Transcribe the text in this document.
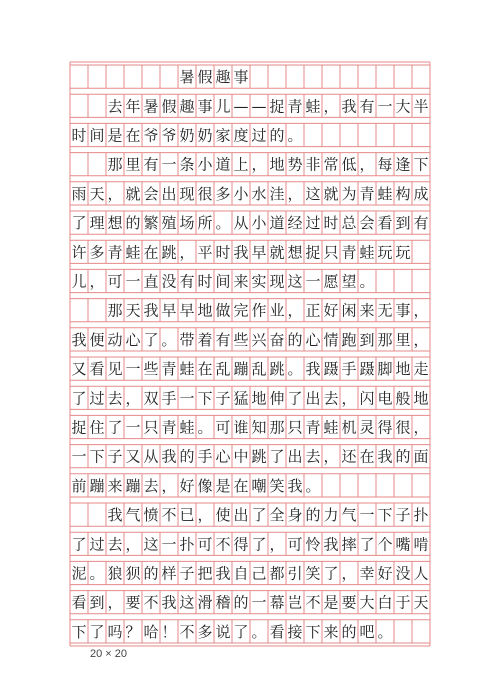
暑 假 趣 事
去 年 暑 假 趣 事 儿 — — 捉 青 蛙 ， 我 有 一 大 半
时 间 是 在 爷 爷 奶 奶 家 度 过 的 。
那 里 有 一 条 小 道 上 ， 地 势 非 常 低 ， 每 逢 下
雨 天 ， 就 会 出 现 很 多 小 水 洼 ， 这 就 为 青 蛙 构 成
了 理 想 的 繁 殖 场 所 。 从 小 道 经 过 时 总 会 看 到 有
许 多 青 蛙 在 跳 ， 平 时 我 早 就 想 捉 只 青 蛙 玩 玩
儿 ， 可 一 直 没 有 时 间 来 实 现 这 一 愿 望 。
那 天 我 早 早 地 做 完 作 业 ， 正 好 闲 来 无 事 ，
我 便 动 心 了 。 带 着 有 些 兴 奋 的 心 情 跑 到 那 里 ，
又 看 见 一 些 青 蛙 在 乱 蹦 乱 跳 。 我 蹑 手 蹑 脚 地 走
了 过 去 ， 双 手 一 下 子 猛 地 伸 了 出 去 ， 闪 电 般 地
捉 住 了 一 只 青 蛙 。 可 谁 知 那 只 青 蛙 机 灵 得 很 ，
一 下 子 又 从 我 的 手 心 中 跳 了 出 去 ， 还 在 我 的 面
前 蹦 来 蹦 去 ， 好 像 是 在 嘲 笑 我 。
我 气 愤 不 已 ， 使 出 了 全 身 的 力 气 一 下 子 扑
了 过 去 ， 这 一 扑 可 不 得 了 ， 可 怜 我 摔 了 个 嘴 啃
泥 。 狼 狈 的 样 子 把 我 自 己 都 引 笑 了 ， 幸 好 没 人
看 到 ， 要 不 我 这 滑 稽 的 一 幕 岂 不 是 要 大 白 于 天
下 了 吗 ？ 哈 ！ 不 多 说 了 。 看 接 下 来 的 吧 。
20 × 20
